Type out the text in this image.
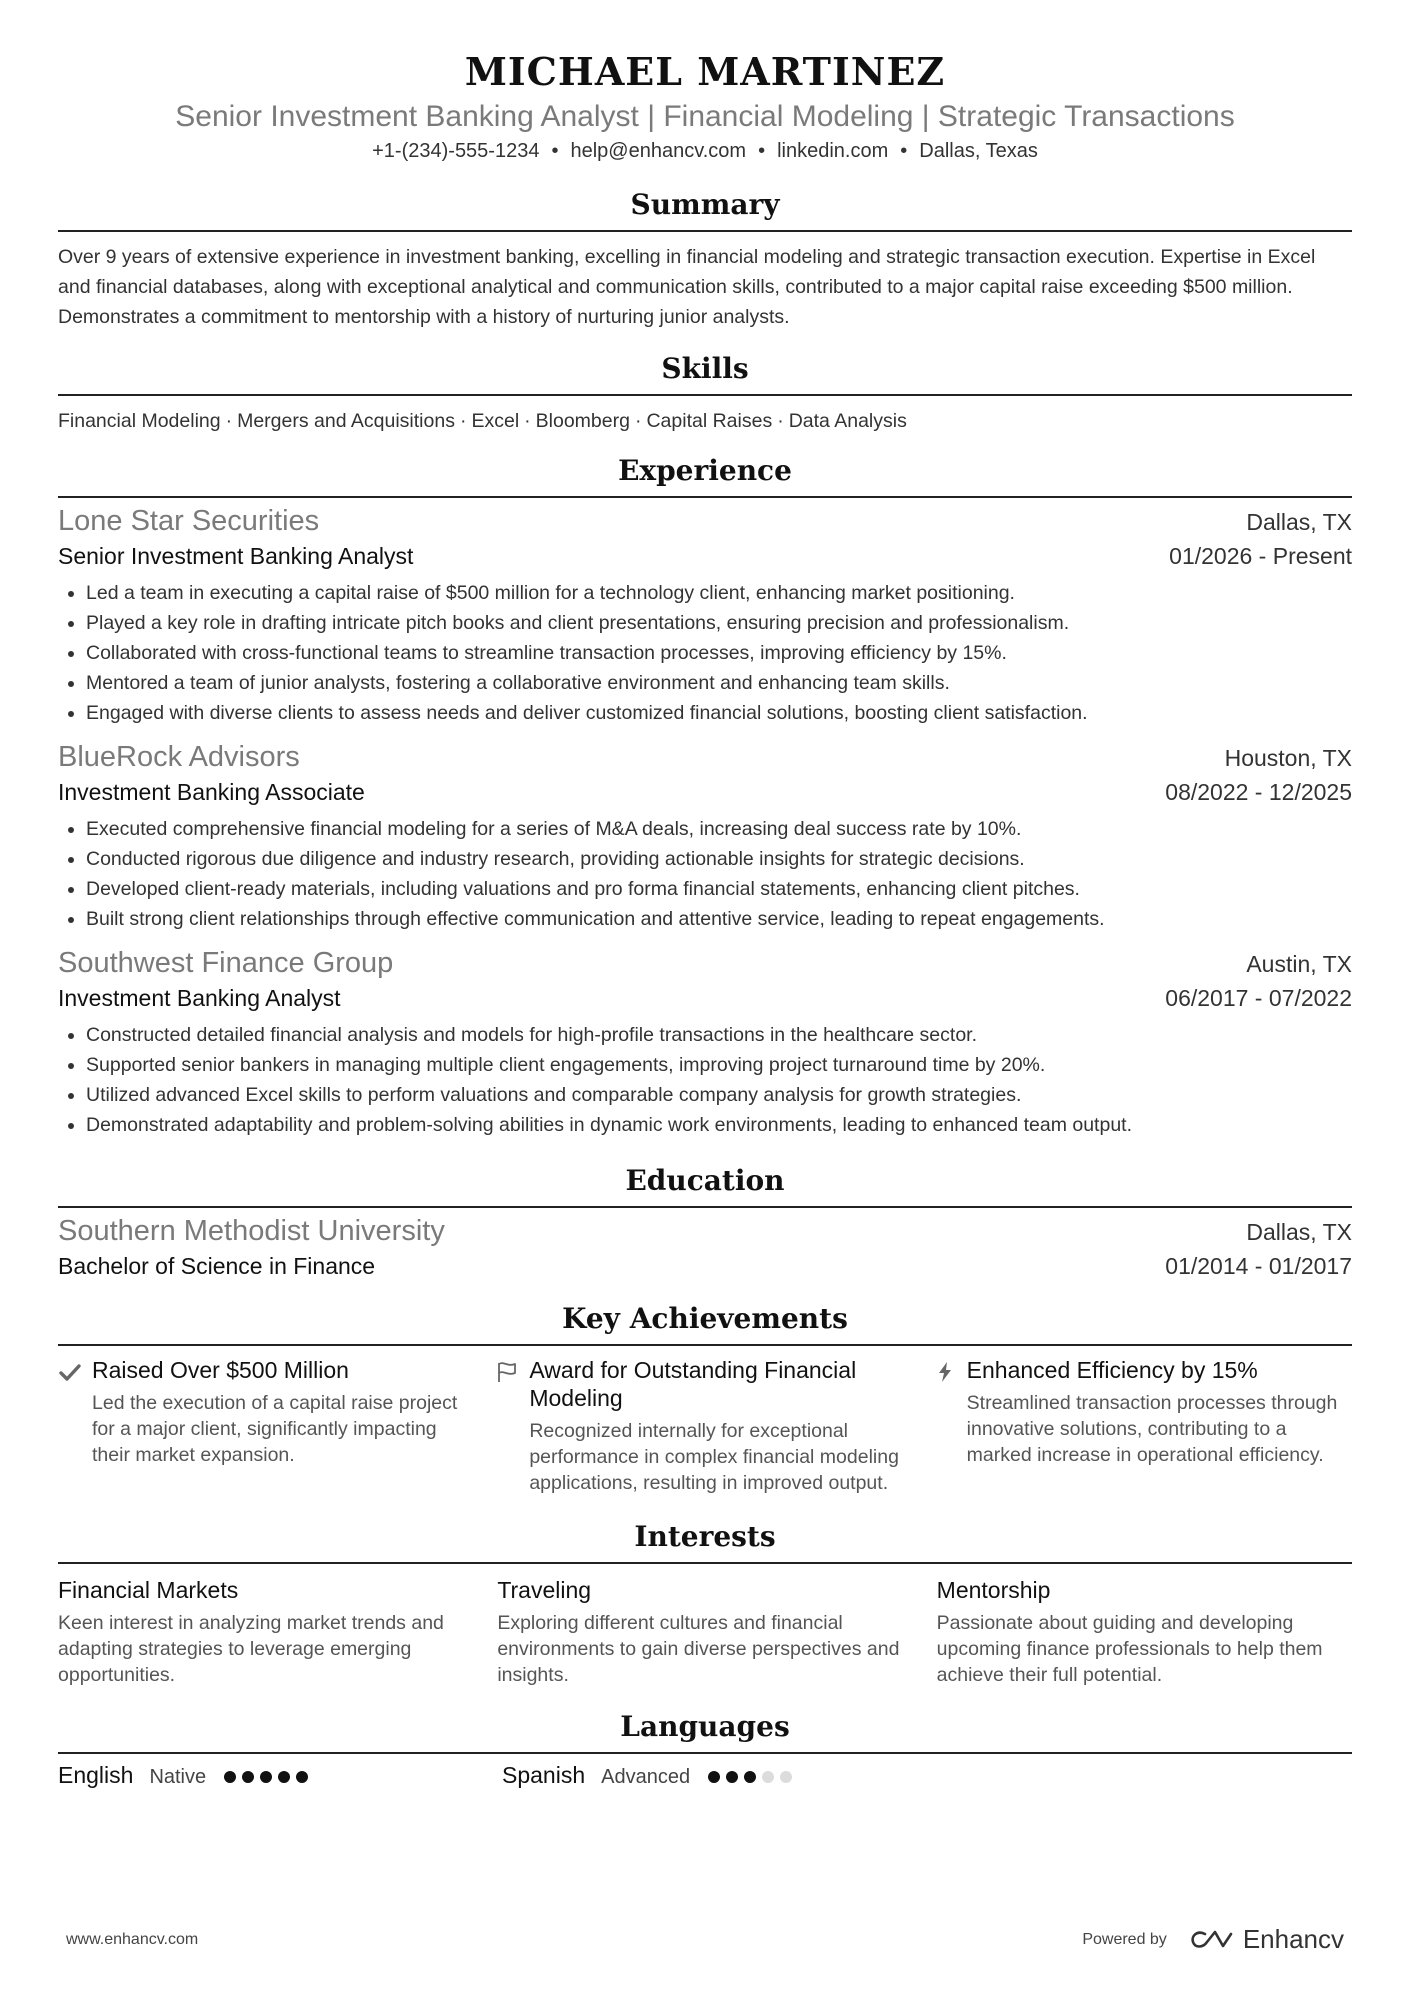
MICHAEL MARTINEZ
Senior Investment Banking Analyst | Financial Modeling | Strategic Transactions
+1-(234)-555-1234 • help@enhancv.com • linkedin.com • Dallas, Texas
Summary

Over 9 years of extensive experience in investment banking, excelling in financial modeling and strategic transaction execution. Expertise in Excel and financial databases, along with exceptional analytical and communication skills, contributed to a major capital raise exceeding $500 million. Demonstrates a commitment to mentorship with a history of nurturing junior analysts.

Skills
Financial Modeling · Mergers and Acquisitions · Excel · Bloomberg · Capital Raises · Data Analysis
Experience
Lone Star Securities	Dallas, TX
Senior Investment Banking Analyst	01/2026 - Present
• Led a team in executing a capital raise of $500 million for a technology client, enhancing market positioning.
• Played a key role in drafting intricate pitch books and client presentations, ensuring precision and professionalism.
• Collaborated with cross-functional teams to streamline transaction processes, improving efficiency by 15%.
• Mentored a team of junior analysts, fostering a collaborative environment and enhancing team skills.
• Engaged with diverse clients to assess needs and deliver customized financial solutions, boosting client satisfaction.
BlueRock Advisors	Houston, TX
Investment Banking Associate	08/2022 - 12/2025
• Executed comprehensive financial modeling for a series of M&A deals, increasing deal success rate by 10%.
• Conducted rigorous due diligence and industry research, providing actionable insights for strategic decisions.
• Developed client-ready materials, including valuations and pro forma financial statements, enhancing client pitches.
• Built strong client relationships through effective communication and attentive service, leading to repeat engagements.
Southwest Finance Group	Austin, TX
Investment Banking Analyst	06/2017 - 07/2022
• Constructed detailed financial analysis and models for high-profile transactions in the healthcare sector.
• Supported senior bankers in managing multiple client engagements, improving project turnaround time by 20%.
• Utilized advanced Excel skills to perform valuations and comparable company analysis for growth strategies.
• Demonstrated adaptability and problem-solving abilities in dynamic work environments, leading to enhanced team output.
Education
Southern Methodist University	Dallas, TX
Bachelor of Science in Finance	01/2014 - 01/2017
Key Achievements
Raised Over $500 Million
Led the execution of a capital raise project for a major client, significantly impacting their market expansion.
Award for Outstanding Financial Modeling
Recognized internally for exceptional performance in complex financial modeling applications, resulting in improved output.
Enhanced Efficiency by 15%
Streamlined transaction processes through innovative solutions, contributing to a marked increase in operational efficiency.
Interests
Financial Markets
Keen interest in analyzing market trends and adapting strategies to leverage emerging opportunities.
Traveling
Exploring different cultures and financial environments to gain diverse perspectives and insights.
Mentorship
Passionate about guiding and developing upcoming finance professionals to help them achieve their full potential.
Languages
English Native	Spanish Advanced
www.enhancv.com	Powered by	Enhancv
